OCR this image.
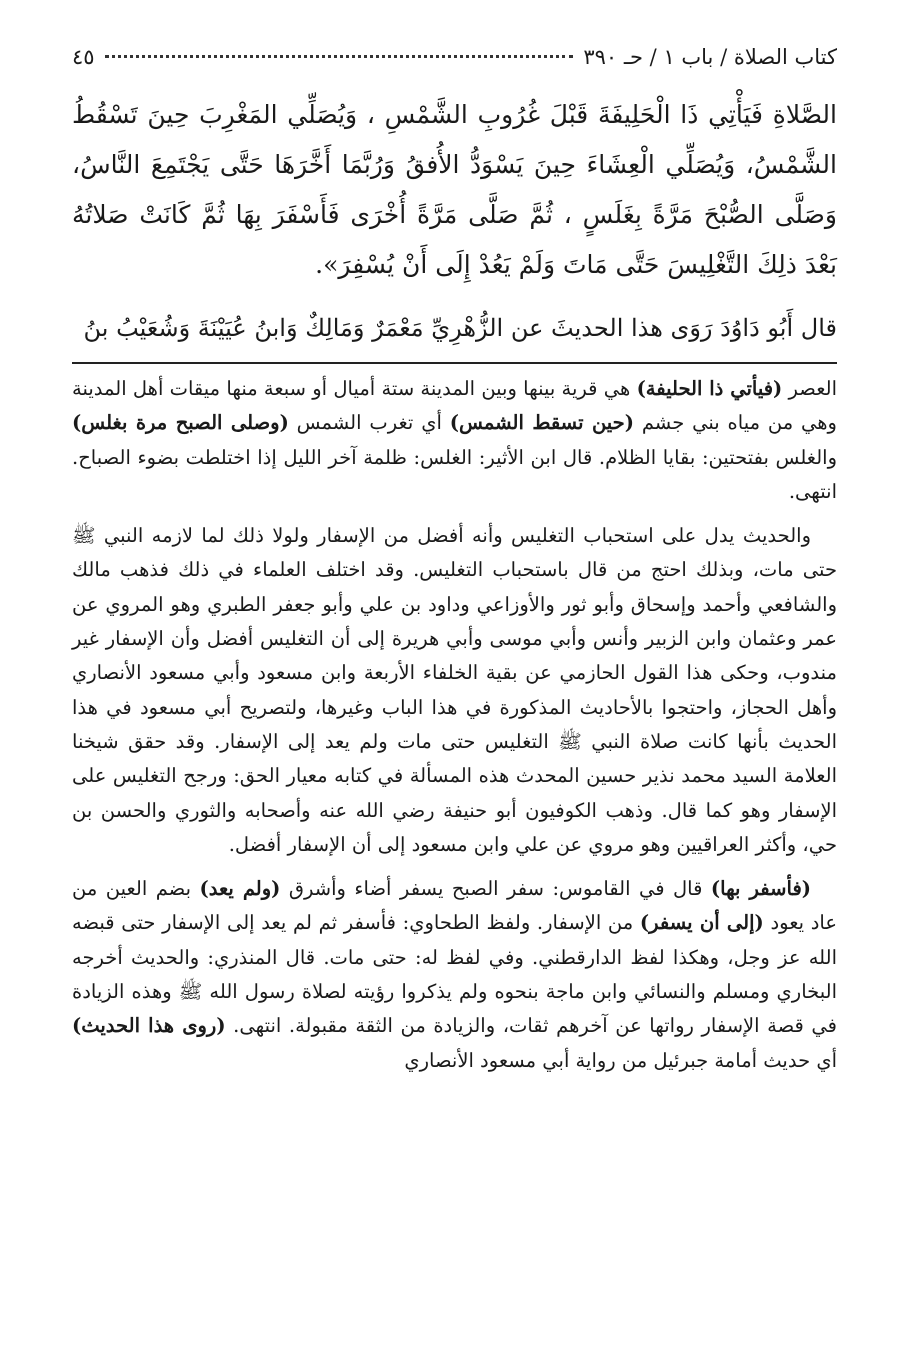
كتاب الصلاة / باب ١ / حـ ٣٩٠
٤٥

الصَّلاةِ فَيَأْتِي ذَا الْحَلِيفَةَ قَبْلَ غُرُوبِ الشَّمْسِ ، وَيُصَلِّي المَغْرِبَ حِينَ تَسْقُطُ الشَّمْسُ، وَيُصَلِّي الْعِشَاءَ حِينَ يَسْوَدُّ الأُفقُ وَرُبَّمَا أَخَّرَهَا حَتَّى يَجْتَمِعَ النَّاسُ، وَصَلَّى الصُّبْحَ مَرَّةً بِغَلَسٍ ، ثُمَّ صَلَّى مَرَّةً أُخْرَى فَأَسْفَرَ بِهَا ثُمَّ كَانَتْ صَلاتُهُ بَعْدَ ذلِكَ التَّغْلِيسَ حَتَّى مَاتَ وَلَمْ يَعُدْ إِلَى أَنْ يُسْفِرَ».

قال أَبُو دَاوُدَ رَوَى هذا الحديثَ عن الزُّهْرِيِّ مَعْمَرٌ وَمَالِكٌ وَابنُ عُيَيْنَةَ وَشُعَيْبُ بنُ

العصر (فيأتي ذا الحليفة) هي قرية بينها وبين المدينة ستة أميال أو سبعة منها ميقات أهل المدينة وهي من مياه بني جشم (حين تسقط الشمس) أي تغرب الشمس (وصلى الصبح مرة بغلس) والغلس بفتحتين: بقايا الظلام. قال ابن الأثير: الغلس: ظلمة آخر الليل إذا اختلطت بضوء الصباح. انتهى.

والحديث يدل على استحباب التغليس وأنه أفضل من الإسفار ولولا ذلك لما لازمه النبي ﷺ حتى مات، وبذلك احتج من قال باستحباب التغليس. وقد اختلف العلماء في ذلك فذهب مالك والشافعي وأحمد وإسحاق وأبو ثور والأوزاعي وداود بن علي وأبو جعفر الطبري وهو المروي عن عمر وعثمان وابن الزبير وأنس وأبي موسى وأبي هريرة إلى أن التغليس أفضل وأن الإسفار غير مندوب، وحكى هذا القول الحازمي عن بقية الخلفاء الأربعة وابن مسعود وأبي مسعود الأنصاري وأهل الحجاز، واحتجوا بالأحاديث المذكورة في هذا الباب وغيرها، ولتصريح أبي مسعود في هذا الحديث بأنها كانت صلاة النبي ﷺ التغليس حتى مات ولم يعد إلى الإسفار. وقد حقق شيخنا العلامة السيد محمد نذير حسين المحدث هذه المسألة في كتابه معيار الحق: ورجح التغليس على الإسفار وهو كما قال. وذهب الكوفيون أبو حنيفة رضي الله عنه وأصحابه والثوري والحسن بن حي، وأكثر العراقيين وهو مروي عن علي وابن مسعود إلى أن الإسفار أفضل.

(فأسفر بها) قال في القاموس: سفر الصبح يسفر أضاء وأشرق (ولم يعد) بضم العين من عاد يعود (إلى أن يسفر) من الإسفار. ولفظ الطحاوي: فأسفر ثم لم يعد إلى الإسفار حتى قبضه الله عز وجل، وهكذا لفظ الدارقطني. وفي لفظ له: حتى مات. قال المنذري: والحديث أخرجه البخاري ومسلم والنسائي وابن ماجة بنحوه ولم يذكروا رؤيته لصلاة رسول الله ﷺ وهذه الزيادة في قصة الإسفار رواتها عن آخرهم ثقات، والزيادة من الثقة مقبولة. انتهى. (روى هذا الحديث) أي حديث أمامة جبرئيل من رواية أبي مسعود الأنصاري
